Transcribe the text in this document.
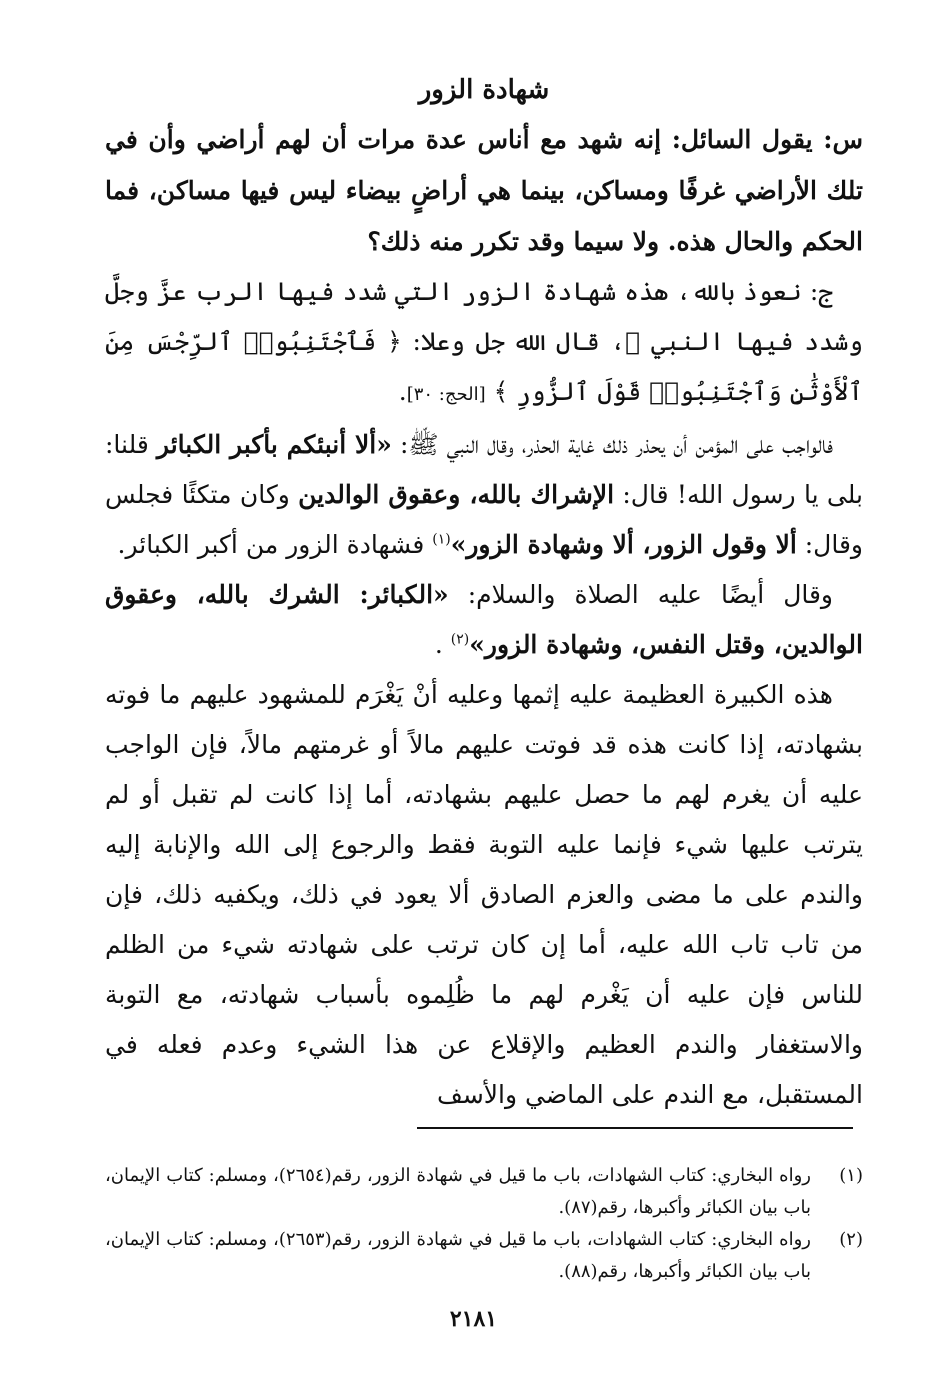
شهادة الزور

س: يقول السائل: إنه شهد مع أناس عدة مرات أن لهم أراضي وأن في تلك الأراضي غرفًا ومساكن، بينما هي أراضٍ بيضاء ليس فيها مساكن، فما الحكم والحال هذه. ولا سيما وقد تكرر منه ذلك؟

ج: نعوذ بالله، هذه شهادة الزور التي شدد فيها الرب عزَّ وجلَّ وشدد فيها النبي ﷺ، قال الله جل وعلا: ﴿ فَٱجْتَنِبُوا۟ ٱلرِّجْسَ مِنَ ٱلْأَوْثَٰنِ وَٱجْتَنِبُوا۟ قَوْلَ ٱلزُّورِ ﴾ [الحج: ٣٠].

فالواجب على المؤمن أن يحذر ذلك غاية الحذر، وقال النبي ﷺ: «ألا أنبئكم بأكبر الكبائر قلنا: بلى يا رسول الله! قال: الإشراك بالله، وعقوق الوالدين وكان متكئًا فجلس وقال: ألا وقول الزور، ألا وشهادة الزور»$^{(١)}$ فشهادة الزور من أكبر الكبائر.

وقال أيضًا عليه الصلاة والسلام: «الكبائر: الشرك بالله، وعقوق الوالدين، وقتل النفس، وشهادة الزور»$^{(٢)}$ .

هذه الكبيرة العظيمة عليه إثمها وعليه أنْ يَغْرَم للمشهود عليهم ما فوته بشهادته، إذا كانت هذه قد فوتت عليهم مالاً أو غرمتهم مالاً، فإن الواجب عليه أن يغرم لهم ما حصل عليهم بشهادته، أما إذا كانت لم تقبل أو لم يترتب عليها شيء فإنما عليه التوبة فقط والرجوع إلى الله والإنابة إليه والندم على ما مضى والعزم الصادق ألا يعود في ذلك، ويكفيه ذلك، فإن من تاب تاب الله عليه، أما إن كان ترتب على شهادته شيء من الظلم للناس فإن عليه أن يَغْرم لهم ما ظُلِموه بأسباب شهادته، مع التوبة والاستغفار والندم العظيم والإقلاع عن هذا الشيء وعدم فعله في المستقبل، مع الندم على الماضي والأسف

(١)
رواه البخاري: كتاب الشهادات، باب ما قيل في شهادة الزور، رقم(٢٦٥٤)، ومسلم: كتاب الإيمان، باب بيان الكبائر وأكبرها، رقم(٨٧).
(٢)
رواه البخاري: كتاب الشهادات، باب ما قيل في شهادة الزور، رقم(٢٦٥٣)، ومسلم: كتاب الإيمان، باب بيان الكبائر وأكبرها، رقم(٨٨).
٢١٨١
